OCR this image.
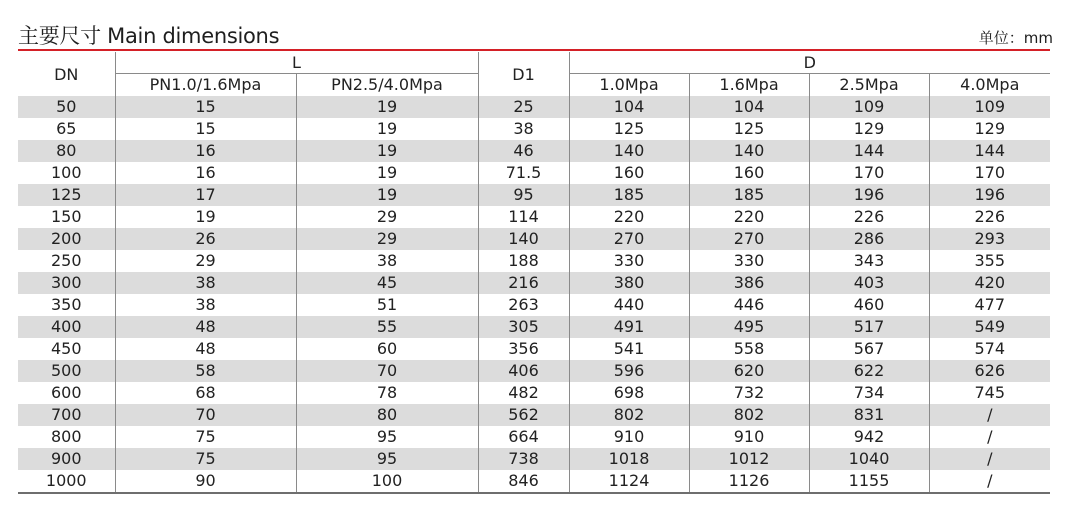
主要尺寸 Main dimensions	单位：mm
DN	L		D1	D			
	PN1.0/1.6Mpa	PN2.5/4.0Mpa		1.0Mpa	1.6Mpa	2.5Mpa	4.0Mpa
50	15	19	25	104	104	109	109
65	15	19	38	125	125	129	129
80	16	19	46	140	140	144	144
100	16	19	71.5	160	160	170	170
125	17	19	95	185	185	196	196
150	19	29	114	220	220	226	226
200	26	29	140	270	270	286	293
250	29	38	188	330	330	343	355
300	38	45	216	380	386	403	420
350	38	51	263	440	446	460	477
400	48	55	305	491	495	517	549
450	48	60	356	541	558	567	574
500	58	70	406	596	620	622	626
600	68	78	482	698	732	734	745
700	70	80	562	802	802	831	/
800	75	95	664	910	910	942	/
900	75	95	738	1018	1012	1040	/
1000	90	100	846	1124	1126	1155	/
